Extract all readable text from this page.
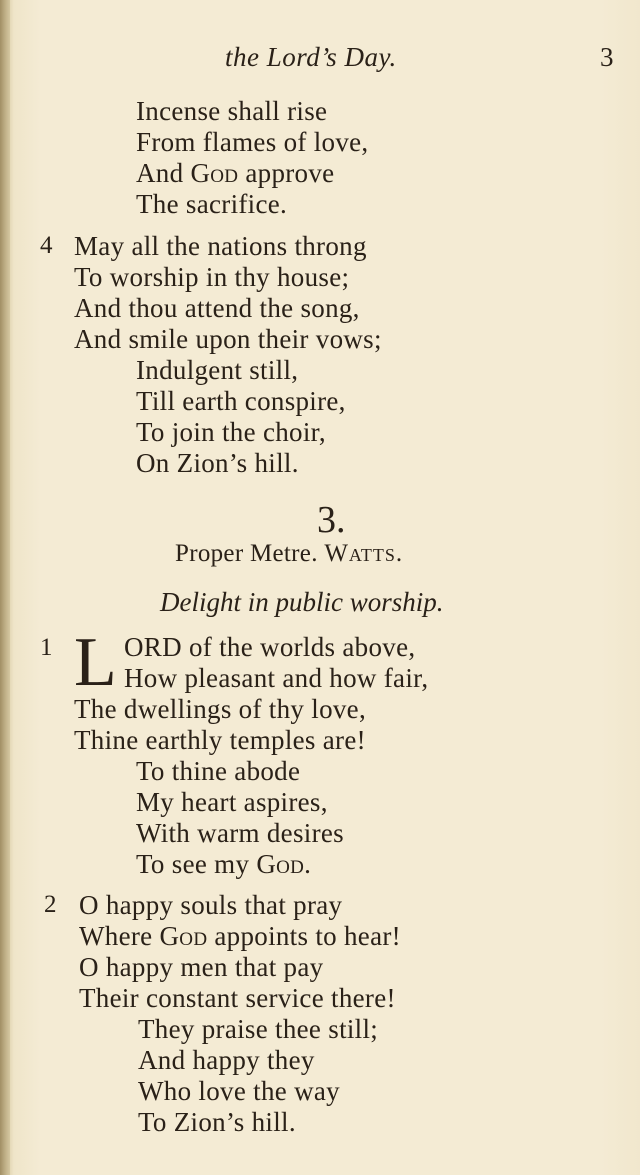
the Lord’s Day.	3
Incense shall rise
From flames of love,
And God approve
The sacrifice.
4 May all the nations throng
To worship in thy house;
And thou attend the song,
And smile upon their vows;
Indulgent still,
Till earth conspire,
To join the choir,
On Zion’s hill.
3.
Proper Metre. Watts.
Delight in public worship.
1 L ORD of the worlds above,
How pleasant and how fair,
The dwellings of thy love,
Thine earthly temples are!
To thine abode
My heart aspires,
With warm desires
To see my God.
2 O happy souls that pray
Where God appoints to hear!
O happy men that pay
Their constant service there!
They praise thee still;
And happy they
Who love the way
To Zion’s hill.
